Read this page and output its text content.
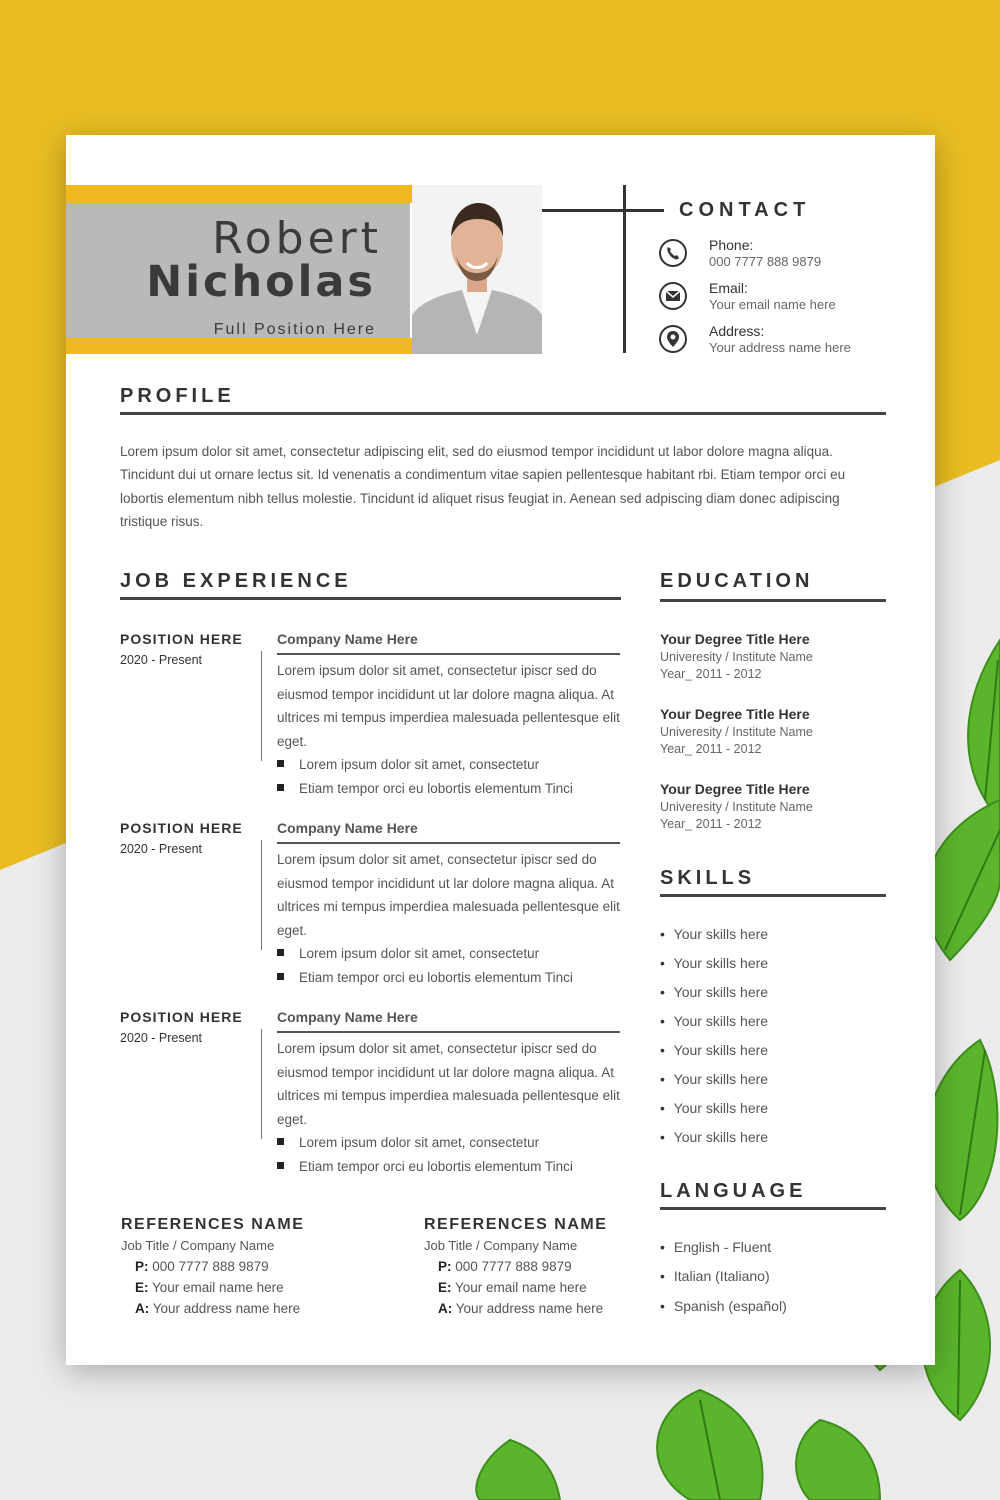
Robert
Nicholas
Full Position Here
CONTACT
Phone:
000 7777 888 9879
Email:
Your email name here
Address:
Your address name here
PROFILE
Lorem ipsum dolor sit amet, consectetur adipiscing elit, sed do eiusmod tempor incididunt ut labor dolore magna aliqua. Tincidunt dui ut ornare lectus sit. Id venenatis a condimentum vitae sapien pellentesque habitant rbi. Etiam tempor orci eu lobortis elementum nibh tellus molestie. Tincidunt id aliquet risus feugiat in. Aenean sed adpiscing diam donec adipiscing tristique risus.
JOB EXPERIENCE
POSITION HERE
2020 - Present
Company Name Here
Lorem ipsum dolor sit amet, consectetur ipiscr sed do eiusmod tempor incididunt ut lar dolore magna aliqua. At ultrices mi tempus imperdiea malesuada pellentesque elit eget.
Lorem ipsum dolor sit amet, consectetur
Etiam tempor orci eu lobortis elementum Tinci
POSITION HERE
2020 - Present
Company Name Here
Lorem ipsum dolor sit amet, consectetur ipiscr sed do eiusmod tempor incididunt ut lar dolore magna aliqua. At ultrices mi tempus imperdiea malesuada pellentesque elit eget.
Lorem ipsum dolor sit amet, consectetur
Etiam tempor orci eu lobortis elementum Tinci
POSITION HERE
2020 - Present
Company Name Here
Lorem ipsum dolor sit amet, consectetur ipiscr sed do eiusmod tempor incididunt ut lar dolore magna aliqua. At ultrices mi tempus imperdiea malesuada pellentesque elit eget.
Lorem ipsum dolor sit amet, consectetur
Etiam tempor orci eu lobortis elementum Tinci
EDUCATION
Your Degree Title Here
Univeresity / Institute Name
Year_ 2011 - 2012
Your Degree Title Here
Univeresity / Institute Name
Year_ 2011 - 2012
Your Degree Title Here
Univeresity / Institute Name
Year_ 2011 - 2012
SKILLS
• Your skills here
• Your skills here
• Your skills here
• Your skills here
• Your skills here
• Your skills here
• Your skills here
• Your skills here
LANGUAGE
• English - Fluent
• Italian (Italiano)
• Spanish (español)
REFERENCES NAME
Job Title / Company Name
P: 000 7777 888 9879
E: Your email name here
A: Your address name here
REFERENCES NAME
Job Title / Company Name
P: 000 7777 888 9879
E: Your email name here
A: Your address name here
